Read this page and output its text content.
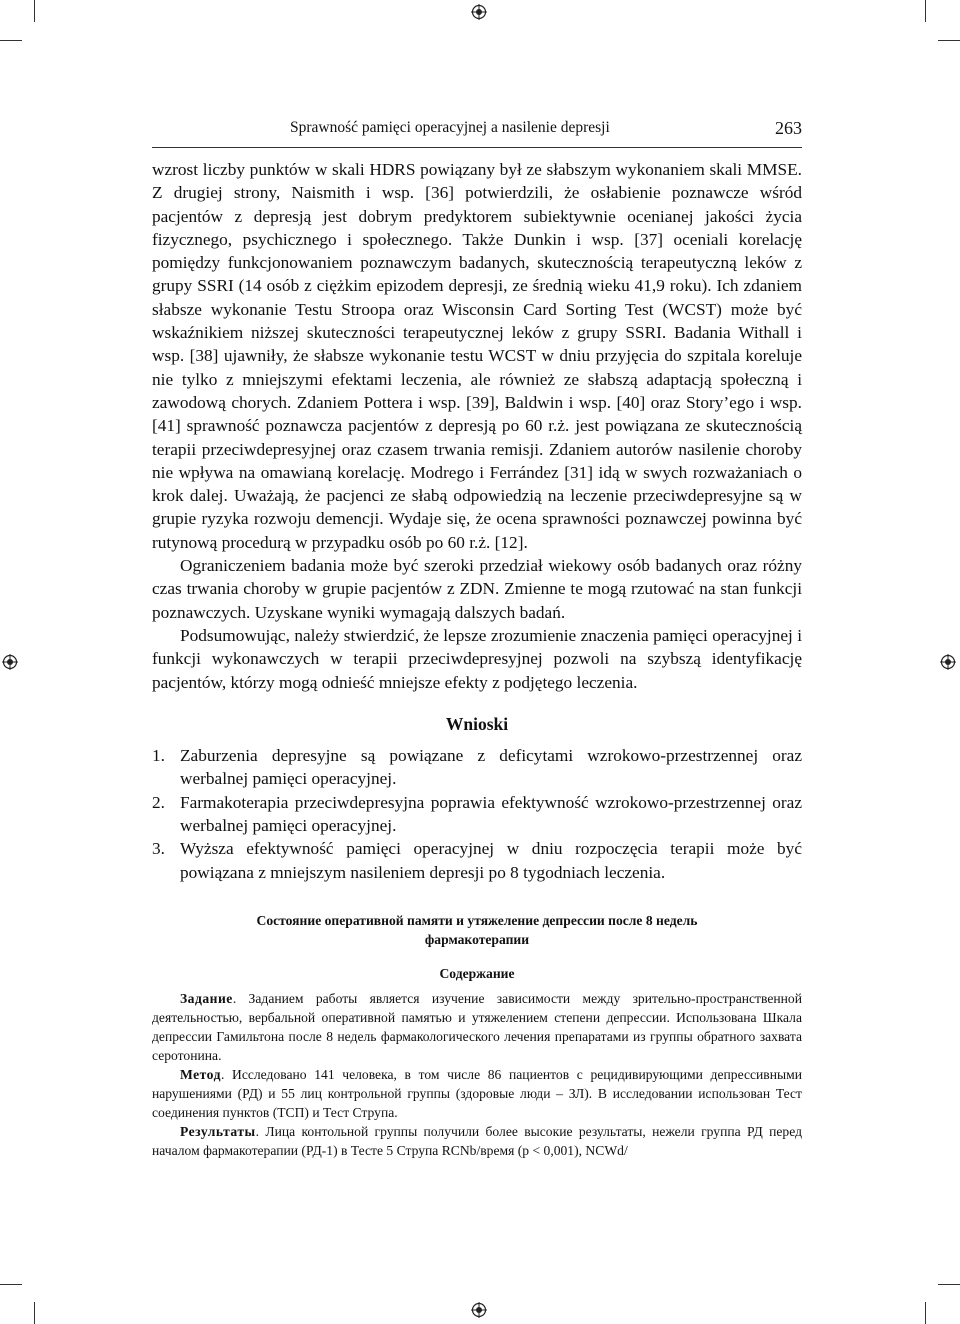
Sprawność pamięci operacyjnej a nasilenie depresji	263

wzrost liczby punktów w skali HDRS powiązany był ze słabszym wykonaniem skali MMSE. Z drugiej strony, Naismith i wsp. [36] potwierdzili, że osłabienie poznawcze wśród pacjentów z depresją jest dobrym predyktorem subiektywnie ocenianej jakości życia fizycznego, psychicznego i społecznego. Także Dunkin i wsp. [37] oceniali korelację pomiędzy funkcjonowaniem poznawczym badanych, skutecznością terapeutyczną leków z grupy SSRI (14 osób z ciężkim epizodem depresji, ze średnią wieku 41,9 roku). Ich zdaniem słabsze wykonanie Testu Stroopa oraz Wisconsin Card Sorting Test (WCST) może być wskaźnikiem niższej skuteczności terapeutycznej leków z grupy SSRI. Badania Withall i wsp. [38] ujawniły, że słabsze wykonanie testu WCST w dniu przyjęcia do szpitala koreluje nie tylko z mniejszymi efektami leczenia, ale również ze słabszą adaptacją społeczną i zawodową chorych. Zdaniem Pottera i wsp. [39], Baldwin i wsp. [40] oraz Story’ego i wsp. [41] sprawność poznawcza pacjentów z depresją po 60 r.ż. jest powiązana ze skutecznością terapii przeciwdepresyjnej oraz czasem trwania remisji. Zdaniem autorów nasilenie choroby nie wpływa na omawianą korelację. Modrego i Ferrández [31] idą w swych rozważaniach o krok dalej. Uważają, że pacjenci ze słabą odpowiedzią na leczenie przeciwdepresyjne są w grupie ryzyka rozwoju demencji. Wydaje się, że ocena sprawności poznawczej powinna być rutynową procedurą w przypadku osób po 60 r.ż. [12].

Ograniczeniem badania może być szeroki przedział wiekowy osób badanych oraz różny czas trwania choroby w grupie pacjentów z ZDN. Zmienne te mogą rzutować na stan funkcji poznawczych. Uzyskane wyniki wymagają dalszych badań.

Podsumowując, należy stwierdzić, że lepsze zrozumienie znaczenia pamięci operacyjnej i funkcji wykonawczych w terapii przeciwdepresyjnej pozwoli na szybszą identyfikację pacjentów, którzy mogą odnieść mniejsze efekty z podjętego leczenia.

Wnioski
1. Zaburzenia depresyjne są powiązane z deficytami wzrokowo-przestrzennej oraz werbalnej pamięci operacyjnej.
2. Farmakoterapia przeciwdepresyjna poprawia efektywność wzrokowo-przestrzennej oraz werbalnej pamięci operacyjnej.
3. Wyższa efektywność pamięci operacyjnej w dniu rozpoczęcia terapii może być powiązana z mniejszym nasileniem depresji po 8 tygodniach leczenia.
Состояние оперативной памяти и утяжеление депрессии после 8 недель
фармакотерапии
Содержание

Задание. Заданием работы является изучение зависимости между зрительно-пространственной деятельностью, вербальной оперативной памятью и утяжелением степени депрессии. Использована Шкала депрессии Гамильтона после 8 недель фармакологического лечения препаратами из группы обратного захвата серотонина.

Метод. Исследовано 141 человека, в том числе 86 пациентов с рецидивирующими депрессивными нарушениями (РД) и 55 лиц контрольной группы (здоровые люди – ЗЛ). В исследовании использован Тест соединения пунктов (ТСП) и Тест Струпа.

Результаты. Лица контольной группы получили более высокие результаты, нежели группа РД перед началом фармакотерапии (РД-1) в Тесте 5 Струпа RCNb/время (p < 0,001), NCWd/
